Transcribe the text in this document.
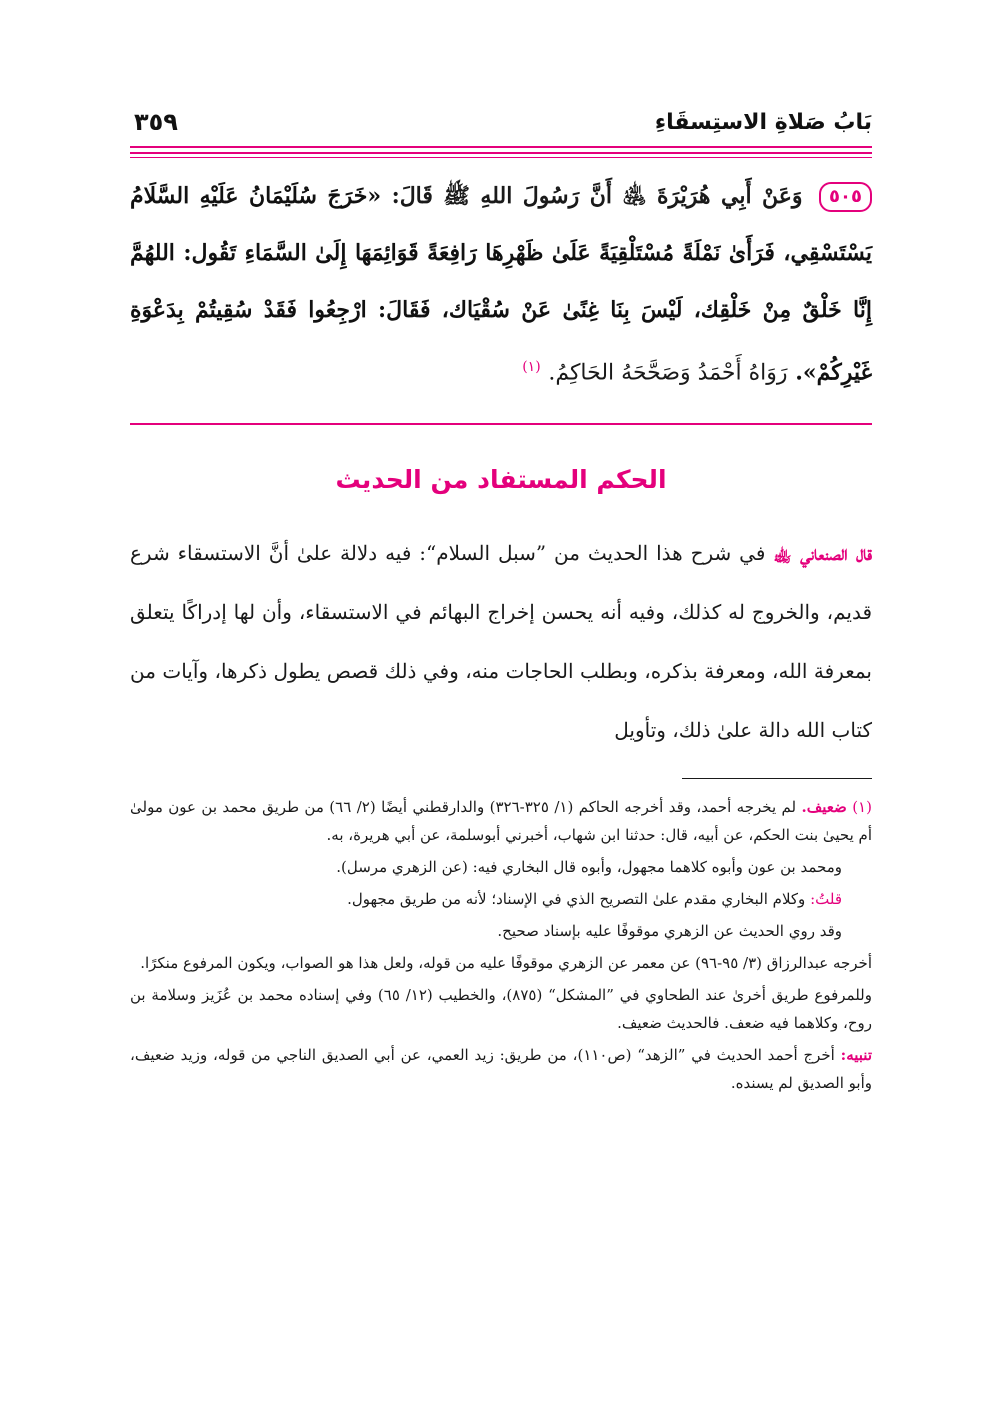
بَابُ صَلاةِ الاستِسقَاءِ
٣٥٩
٥٠٥ وَعَنْ أَبِي هُرَيْرَةَ ﵁ أَنَّ رَسُولَ اللهِ ﷺ قَالَ: «خَرَجَ سُلَيْمَانُ عَلَيْهِ السَّلَامُ يَسْتَسْقِي، فَرَأَىٰ نَمْلَةً مُسْتَلْقِيَةً عَلَىٰ ظَهْرِهَا رَافِعَةً قَوَائِمَهَا إِلَىٰ السَّمَاءِ تَقُول: اللهُمَّ إِنَّا خَلْقٌ مِنْ خَلْقِك، لَيْسَ بِنَا غِنًىٰ عَنْ سُقْيَاك، فَقَالَ: ارْجِعُوا فَقَدْ سُقِيتُمْ بِدَعْوَةِ غَيْرِكُمْ». رَوَاهُ أَحْمَدُ وَصَحَّحَهُ الحَاكِمُ. $^{(١)}$
الحكم المستفاد من الحديث
قال الصنعاني ﵀ في شرح هذا الحديث من ”سبل السلام“: فيه دلالة علىٰ أنَّ الاستسقاء شرع قديم، والخروج له كذلك، وفيه أنه يحسن إخراج البهائم في الاستسقاء، وأن لها إدراكًا يتعلق بمعرفة الله، ومعرفة بذكره، وبطلب الحاجات منه، وفي ذلك قصص يطول ذكرها، وآيات من كتاب الله دالة علىٰ ذلك، وتأويل

(١) ضعيف. لم يخرجه أحمد، وقد أخرجه الحاكم (١/ ٣٢٥-٣٢٦) والدارقطني أيضًا (٢/ ٦٦) من طريق محمد بن عون مولىٰ أم يحيىٰ بنت الحكم، عن أبيه، قال: حدثنا ابن شهاب، أخبرني أبوسلمة، عن أبي هريرة، به.

ومحمد بن عون وأبوه كلاهما مجهول، وأبوه قال البخاري فيه: (عن الزهري مرسل).

قلتُ: وكلام البخاري مقدم علىٰ التصريح الذي في الإسناد؛ لأنه من طريق مجهول.

وقد روي الحديث عن الزهري موقوفًا عليه بإسناد صحيح.

أخرجه عبدالرزاق (٣/ ٩٥-٩٦) عن معمر عن الزهري موقوفًا عليه من قوله، ولعل هذا هو الصواب، ويكون المرفوع منكرًا.

وللمرفوع طريق أخرىٰ عند الطحاوي في ”المشكل“ (٨٧٥)، والخطيب (١٢/ ٦٥) وفي إسناده محمد بن عُزَيز وسلامة بن روح، وكلاهما فيه ضعف. فالحديث ضعيف.

تنبيه: أخرج أحمد الحديث في ”الزهد“ (ص١١٠)، من طريق: زيد العمي، عن أبي الصديق الناجي من قوله، وزيد ضعيف، وأبو الصديق لم يسنده.
